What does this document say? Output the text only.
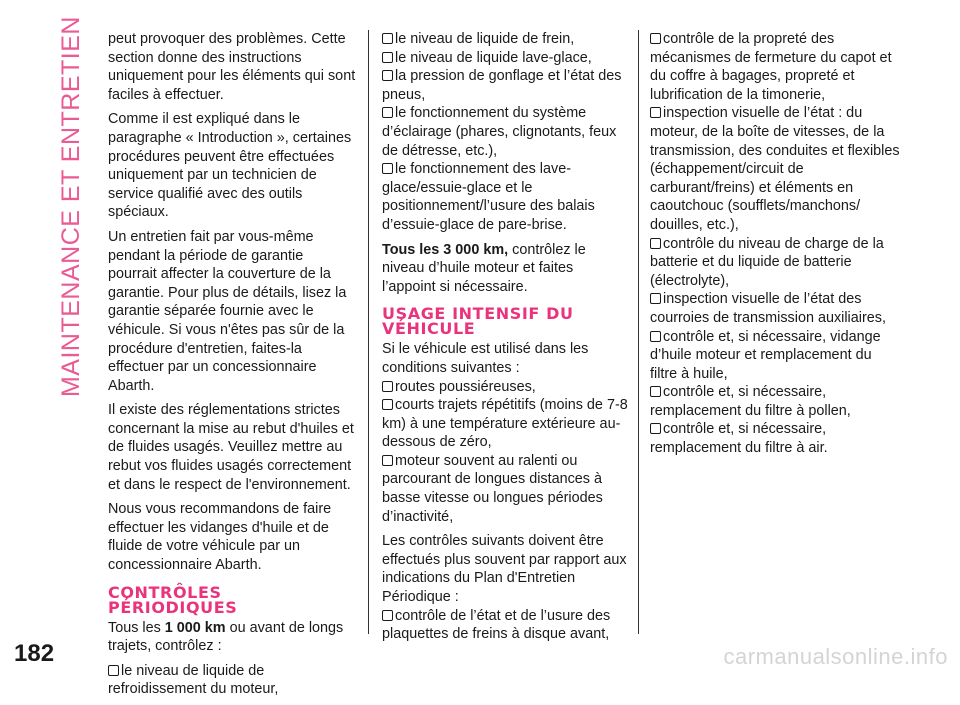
MAINTENANCE ET ENTRETIEN
182

peut provoquer des problèmes. Cette section donne des instructions uniquement pour les éléments qui sont faciles à effectuer.

Comme il est expliqué dans le paragraphe « Introduction », certaines procédures peuvent être effectuées uniquement par un technicien de service qualifié avec des outils spéciaux.

Un entretien fait par vous-même pendant la période de garantie pourrait affecter la couverture de la garantie. Pour plus de détails, lisez la garantie séparée fournie avec le véhicule. Si vous n'êtes pas sûr de la procédure d'entretien, faites-la effectuer par un concessionnaire Abarth.

Il existe des réglementations strictes concernant la mise au rebut d'huiles et de fluides usagés. Veuillez mettre au rebut vos fluides usagés correctement et dans le respect de l'environnement.

Nous vous recommandons de faire effectuer les vidanges d'huile et de fluide de votre véhicule par un concessionnaire Abarth.

CONTRÔLES
PÉRIODIQUES

Tous les 1 000 km ou avant de longs trajets, contrôlez :

le niveau de liquide de refroidissement du moteur,
le niveau de liquide de frein,
le niveau de liquide lave-glace,
la pression de gonflage et l’état des pneus,
le fonctionnement du système d’éclairage (phares, clignotants, feux de détresse, etc.),
le fonctionnement des lave-glace/essuie-glace et le positionnement/l’usure des balais d’essuie-glace de pare-brise.

Tous les 3 000 km, contrôlez le niveau d’huile moteur et faites l’appoint si nécessaire.

USAGE INTENSIF DU
VÉHICULE

Si le véhicule est utilisé dans les conditions suivantes :

routes poussiéreuses,
courts trajets répétitifs (moins de 7-8 km) à une température extérieure au-dessous de zéro,
moteur souvent au ralenti ou parcourant de longues distances à basse vitesse ou longues périodes d’inactivité,

Les contrôles suivants doivent être effectués plus souvent par rapport aux indications du Plan d'Entretien Périodique :

contrôle de l’état et de l’usure des plaquettes de freins à disque avant,
contrôle de la propreté des mécanismes de fermeture du capot et du coffre à bagages, propreté et lubrification de la timonerie,
inspection visuelle de l’état : du moteur, de la boîte de vitesses, de la transmission, des conduites et flexibles (échappement/circuit de carburant/freins) et éléments en caoutchouc (soufflets/manchons/ douilles, etc.),
contrôle du niveau de charge de la batterie et du liquide de batterie (électrolyte),
inspection visuelle de l’état des courroies de transmission auxiliaires,
contrôle et, si nécessaire, vidange d’huile moteur et remplacement du filtre à huile,
contrôle et, si nécessaire, remplacement du filtre à pollen,
contrôle et, si nécessaire, remplacement du filtre à air.
carmanualsonline.info
